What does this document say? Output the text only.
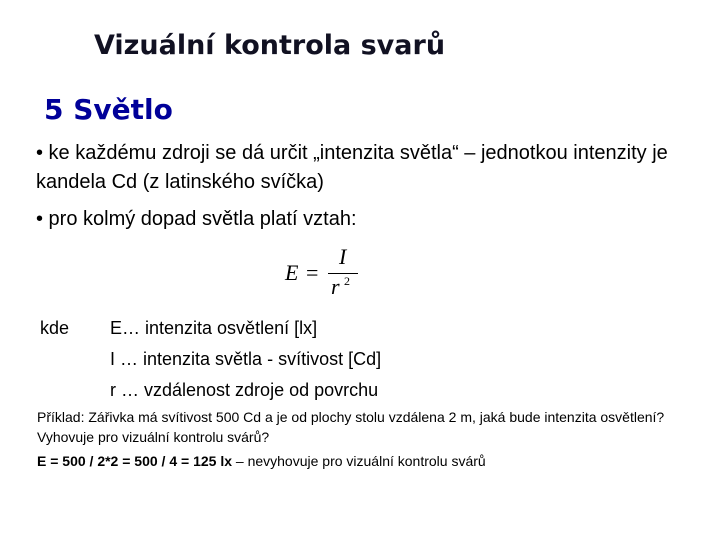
Vizuální kontrola svarů
5 Světlo
• ke každému zdroji se dá určit „intenzita světla“ – jednotkou intenzity je kandela Cd (z latinského svíčka)
• pro kolmý dopad světla platí vztah:
E =
I
r 2
kde E… intenzita osvětlení [lx]
I … intenzita světla - svítivost [Cd]
r … vzdálenost zdroje od povrchu
Příklad: Zářivka má svítivost 500 Cd a je od plochy stolu vzdálena 2 m, jaká bude intenzita osvětlení? Vyhovuje pro vizuální kontrolu svárů?
E = 500 / 2*2 = 500 / 4 = 125 lx – nevyhovuje pro vizuální kontrolu svárů
